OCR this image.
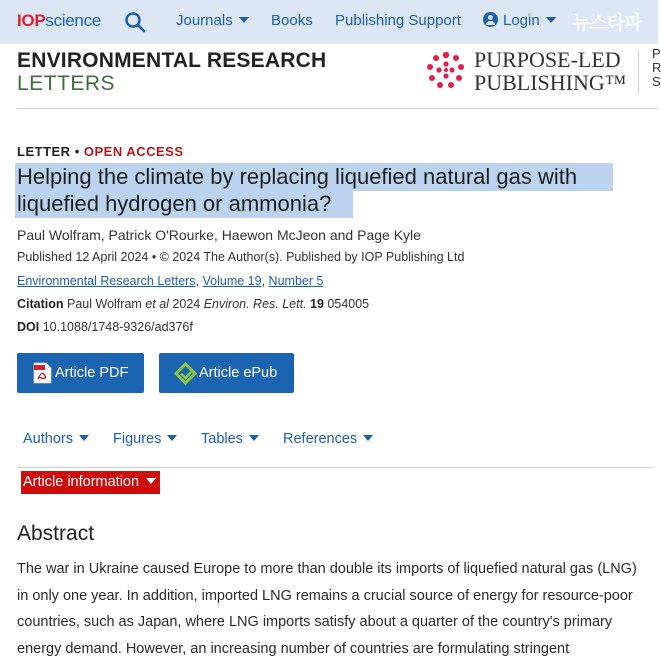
IOPscience	Journals	Books Publishing Support	Login	뉴스타파
ENVIRONMENTAL RESEARCH
LETTERS
PURPOSE-LED
PUBLISHING™
P
R
S
LETTER • OPEN ACCESS
Helping the climate by replacing liquefied natural gas with
liquefied hydrogen or ammonia?
Paul Wolfram, Patrick O'Rourke, Haewon McJeon and Page Kyle
Published 12 April 2024 • © 2024 The Author(s). Published by IOP Publishing Ltd
Environmental Research Letters, Volume 19, Number 5
Citation Paul Wolfram et al 2024 Environ. Res. Lett. 19 054005
DOI 10.1088/1748-9326/ad376f
Article PDF	Article ePub
Authors	Figures	Tables	References
Article information
Abstract
The war in Ukraine caused Europe to more than double its imports of liquefied natural gas (LNG)
in only one year. In addition, imported LNG remains a crucial source of energy for resource-poor
countries, such as Japan, where LNG imports satisfy about a quarter of the country's primary
energy demand. However, an increasing number of countries are formulating stringent
